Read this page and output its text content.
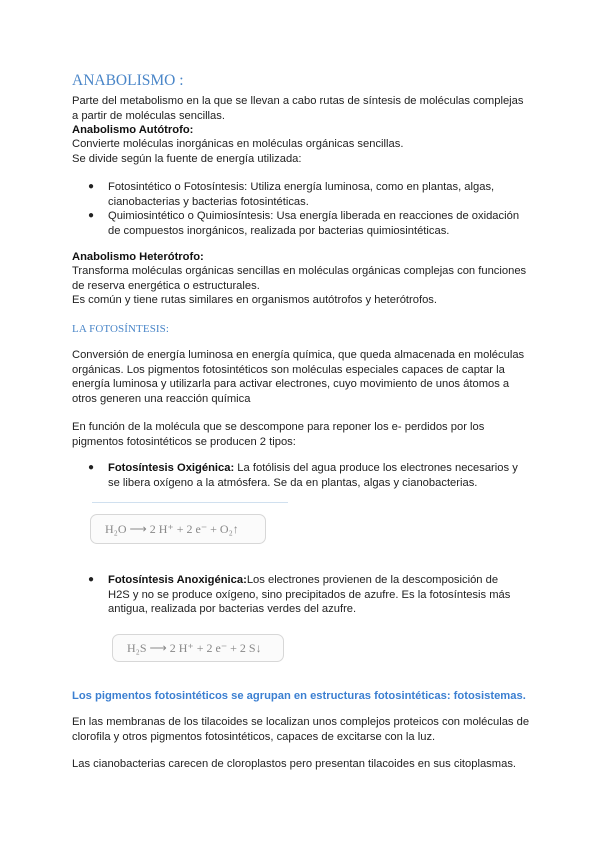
ANABOLISMO :

Parte del metabolismo en la que se llevan a cabo rutas de síntesis de moléculas complejas a partir de moléculas sencillas.

Anabolismo Autótrofo:

Convierte moléculas inorgánicas en moléculas orgánicas sencillas.

Se divide según la fuente de energía utilizada:

● Fotosintético o Fotosíntesis: Utiliza energía luminosa, como en plantas, algas, cianobacterias y bacterias fotosintéticas.
● Quimiosintético o Quimiosíntesis: Usa energía liberada en reacciones de oxidación de compuestos inorgánicos, realizada por bacterias quimiosintéticas.

Anabolismo Heterótrofo:

Transforma moléculas orgánicas sencillas en moléculas orgánicas complejas con funciones de reserva energética o estructurales.

Es común y tiene rutas similares en organismos autótrofos y heterótrofos.

LA FOTOSÍNTESIS:

Conversión de energía luminosa en energía química, que queda almacenada en moléculas orgánicas. Los pigmentos fotosintéticos son moléculas especiales capaces de captar la energía luminosa y utilizarla para activar electrones, cuyo movimiento de unos átomos a otros generen una reacción química

En función de la molécula que se descompone para reponer los e- perdidos por los pigmentos fotosintéticos se producen 2 tipos:

● Fotosíntesis Oxigénica: La fotólisis del agua produce los electrones necesarios y se libera oxígeno a la atmósfera. Se da en plantas, algas y cianobacterias.
H₂O ⟶ 2 H⁺ + 2 e⁻ + O₂↑
● Fotosíntesis Anoxigénica:Los electrones provienen de la descomposición de H2S y no se produce oxígeno, sino precipitados de azufre. Es la fotosíntesis más antigua, realizada por bacterias verdes del azufre.
H₂S ⟶ 2 H⁺ + 2 e⁻ + 2 S↓

Los pigmentos fotosintéticos se agrupan en estructuras fotosintéticas: fotosistemas.

En las membranas de los tilacoides se localizan unos complejos proteicos con moléculas de clorofila y otros pigmentos fotosintéticos, capaces de excitarse con la luz.

Las cianobacterias carecen de cloroplastos pero presentan tilacoides en sus citoplasmas.
